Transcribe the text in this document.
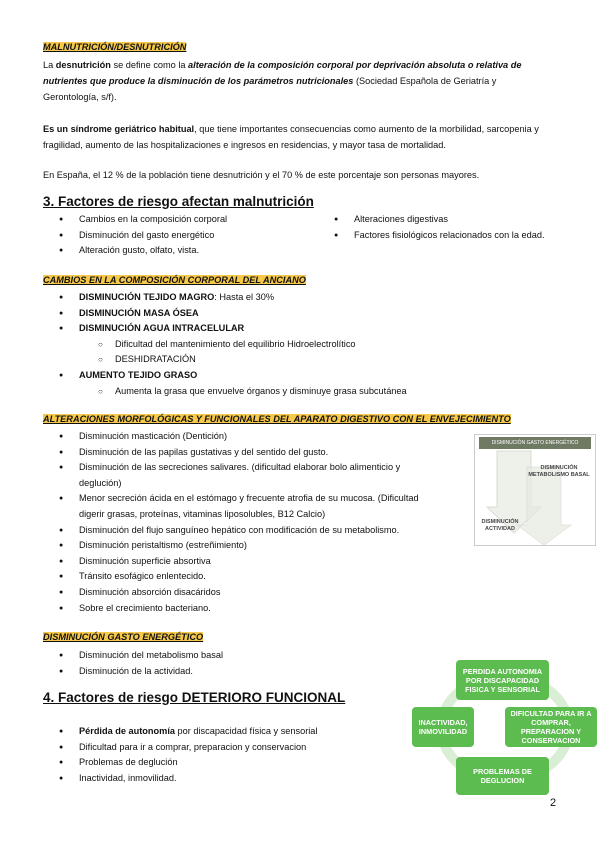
MALNUTRICIÓN/DESNUTRICIÓN

La desnutrición se define como la alteración de la composición corporal por deprivación absoluta o relativa de nutrientes que produce la disminución de los parámetros nutricionales (Sociedad Española de Geriatría y Gerontología, s/f).

Es un síndrome geriátrico habitual, que tiene importantes consecuencias como aumento de la morbilidad, sarcopenia y fragilidad, aumento de las hospitalizaciones e ingresos en residencias, y mayor tasa de mortalidad.

En España, el 12 % de la población tiene desnutrición y el 70 % de este porcentaje son personas mayores.

3. Factores de riesgo afectan malnutrición
● Cambios en la composición corporal
● Disminución del gasto energético
● Alteración gusto, olfato, vista.
● Alteraciones digestivas
● Factores fisiológicos relacionados con la edad.
CAMBIOS EN LA COMPOSICIÓN CORPORAL DEL ANCIANO
● DISMINUCIÓN TEJIDO MAGRO: Hasta el 30%
● DISMINUCIÓN MASA ÓSEA
● DISMINUCIÓN AGUA INTRACELULAR
○ Dificultad del mantenimiento del equilibrio Hidroelectrolítico
○ DESHIDRATACIÓN
● AUMENTO TEJIDO GRASO
○ Aumenta la grasa que envuelve órganos y disminuye grasa subcutánea
ALTERACIONES MORFOLÓGICAS Y FUNCIONALES DEL APARATO DIGESTIVO CON EL ENVEJECIMIENTO
● Disminución masticación (Dentición)
● Disminución de las papilas gustativas y del sentido del gusto.
● Disminución de las secreciones salivares. (dificultad elaborar bolo alimenticio y deglución)
● Menor secreción ácida en el estómago y frecuente atrofia de su mucosa. (Dificultad digerir grasas, proteínas, vitaminas liposolubles, B12 Calcio)
● Disminución del flujo sanguíneo hepático con modificación de su metabolismo.
● Disminución peristaltismo (estreñimiento)
● Disminución superficie absortiva
● Tránsito esofágico enlentecido.
● Disminución absorción disacáridos
● Sobre el crecimiento bacteriano.
DISMINUCIÓN GASTO ENERGÉTICO
DISMINUCIÓN METABOLISMO BASAL
DISMINUCIÓN ACTIVIDAD
DISMINUCIÓN GASTO ENERGÉTICO
● Disminución del metabolismo basal
● Disminución de la actividad.
4. Factores de riesgo DETERIORO FUNCIONAL
● Pérdida de autonomía por discapacidad física y sensorial
● Dificultad para ir a comprar, preparacion y conservacion
● Problemas de deglución
● Inactividad, inmovilidad.
PERDIDA AUTONOMIA POR DISCAPACIDAD FISICA Y SENSORIAL
INACTIVIDAD, INMOVILIDAD
DIFICULTAD PARA IR A COMPRAR, PREPARACION Y CONSERVACION
PROBLEMAS DE DEGLUCION
2
